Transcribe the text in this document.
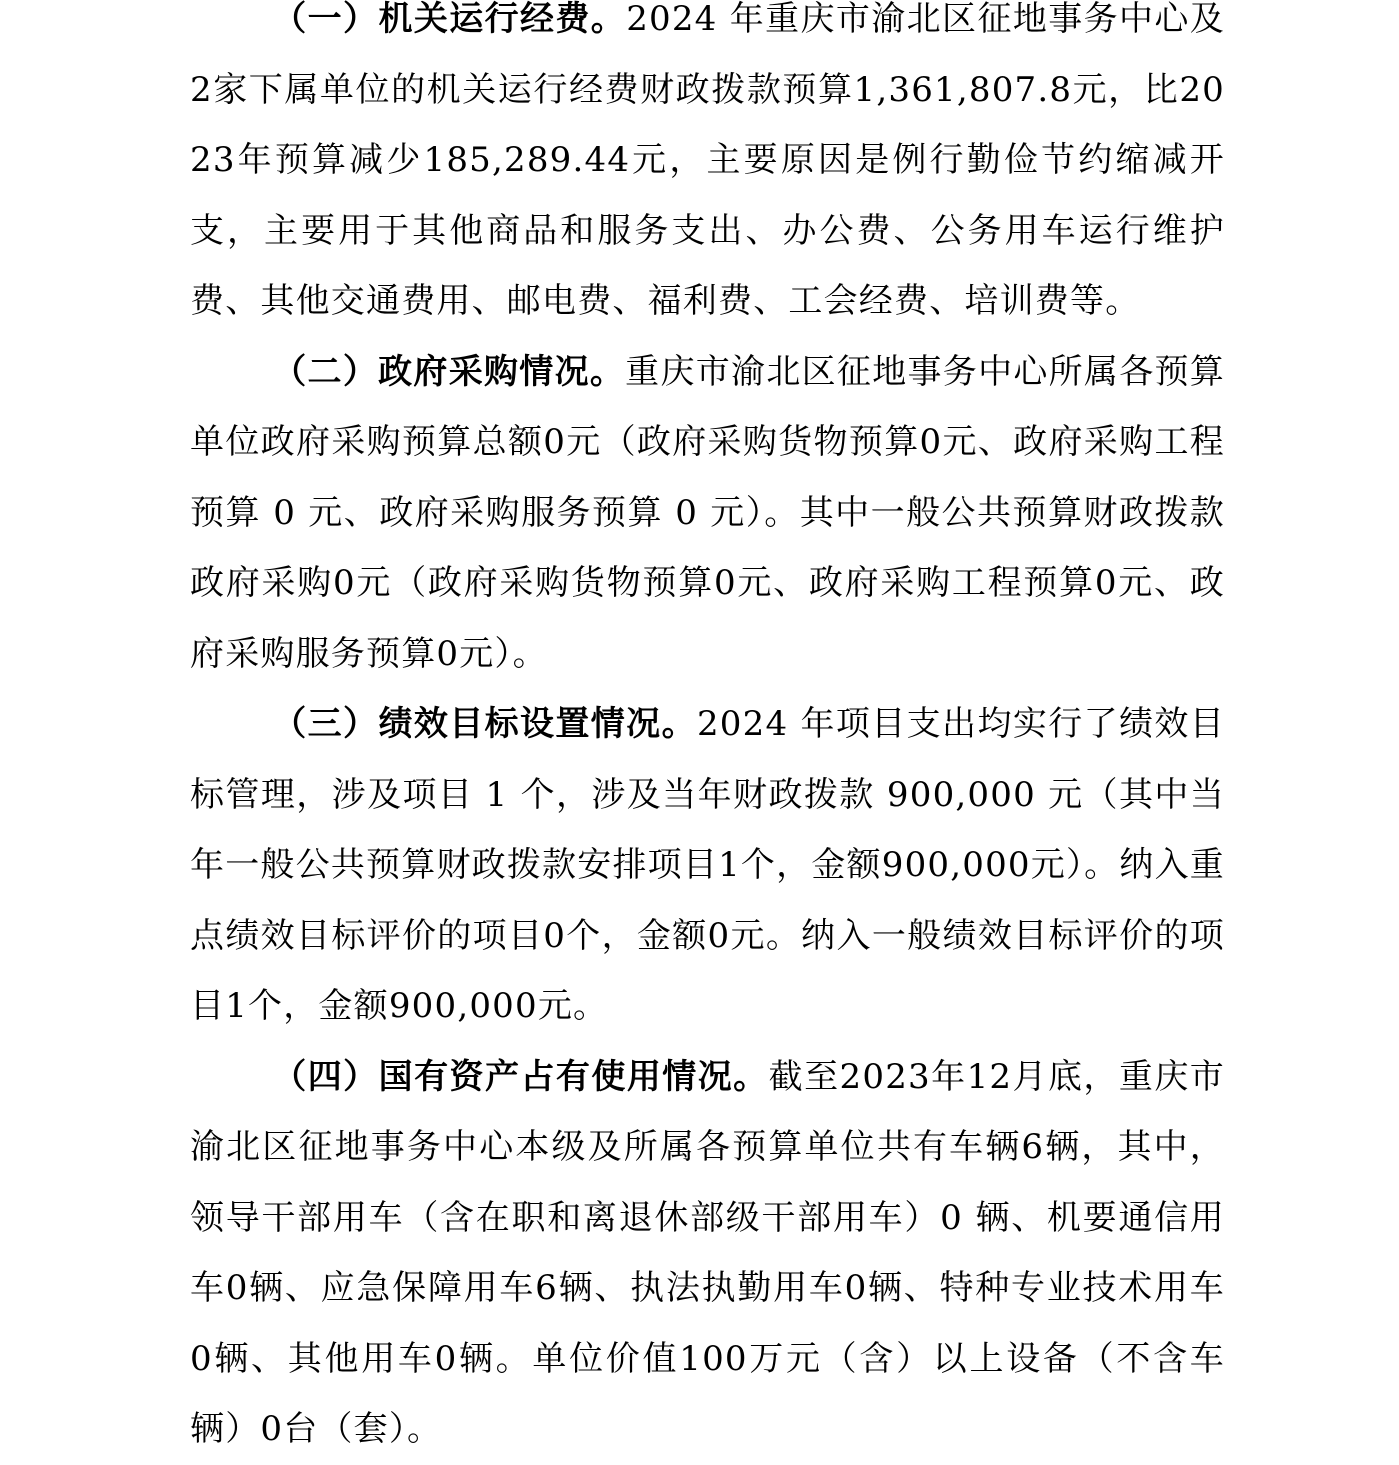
（一）机关运行经费。2024 年重庆市渝北区征地事务中心及2家下属单位的机关运行经费财政拨款预算1,361,807.8元，比2023年预算减少185,289.44元，主要原因是例行勤俭节约缩减开支，主要用于其他商品和服务支出、办公费、公务用车运行维护费、其他交通费用、邮电费、福利费、工会经费、培训费等。

（二）政府采购情况。重庆市渝北区征地事务中心所属各预算单位政府采购预算总额0元（政府采购货物预算0元、政府采购工程预算 0 元、政府采购服务预算 0 元）。其中一般公共预算财政拨款政府采购0元（政府采购货物预算0元、政府采购工程预算0元、政府采购服务预算0元）。

（三）绩效目标设置情况。2024 年项目支出均实行了绩效目标管理，涉及项目 1 个，涉及当年财政拨款 900,000 元（其中当年一般公共预算财政拨款安排项目1个，金额900,000元）。纳入重点绩效目标评价的项目0个，金额0元。纳入一般绩效目标评价的项目1个，金额900,000元。

（四）国有资产占有使用情况。截至2023年12月底，重庆市渝北区征地事务中心本级及所属各预算单位共有车辆6辆，其中，领导干部用车（含在职和离退休部级干部用车）0 辆、机要通信用车0辆、应急保障用车6辆、执法执勤用车0辆、特种专业技术用车0辆、其他用车0辆。单位价值100万元（含）以上设备（不含车辆）0台（套）。
